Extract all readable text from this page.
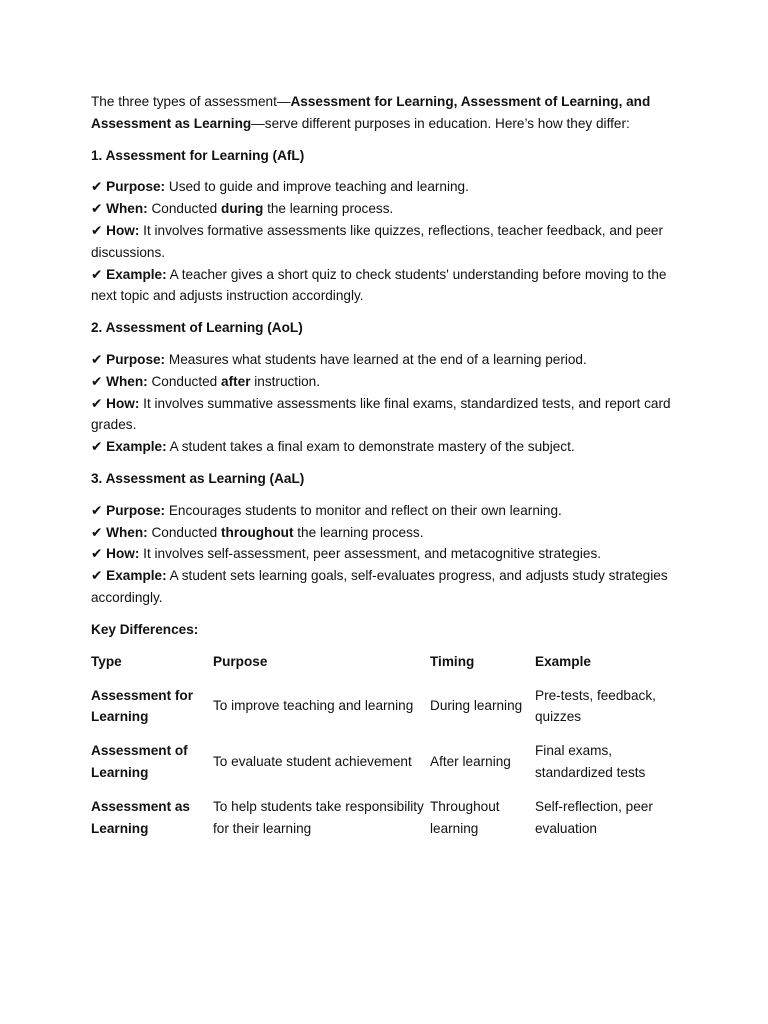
The three types of assessment—Assessment for Learning, Assessment of Learning, and Assessment as Learning—serve different purposes in education. Here’s how they differ:

1. Assessment for Learning (AfL)

✔ Purpose: Used to guide and improve teaching and learning.

✔ When: Conducted during the learning process.

✔ How: It involves formative assessments like quizzes, reflections, teacher feedback, and peer discussions.

✔ Example: A teacher gives a short quiz to check students' understanding before moving to the next topic and adjusts instruction accordingly.

2. Assessment of Learning (AoL)

✔ Purpose: Measures what students have learned at the end of a learning period.

✔ When: Conducted after instruction.

✔ How: It involves summative assessments like final exams, standardized tests, and report card grades.

✔ Example: A student takes a final exam to demonstrate mastery of the subject.

3. Assessment as Learning (AaL)

✔ Purpose: Encourages students to monitor and reflect on their own learning.

✔ When: Conducted throughout the learning process.

✔ How: It involves self-assessment, peer assessment, and metacognitive strategies.

✔ Example: A student sets learning goals, self-evaluates progress, and adjusts study strategies accordingly.

Key Differences:

Type	Purpose	Timing	Example
Assessment for Learning	To improve teaching and learning	During learning	Pre-tests, feedback, quizzes
Assessment of Learning	To evaluate student achievement	After learning	Final exams, standardized tests
Assessment as Learning	To help students take responsibility for their learning	Throughout learning	Self-reflection, peer evaluation
